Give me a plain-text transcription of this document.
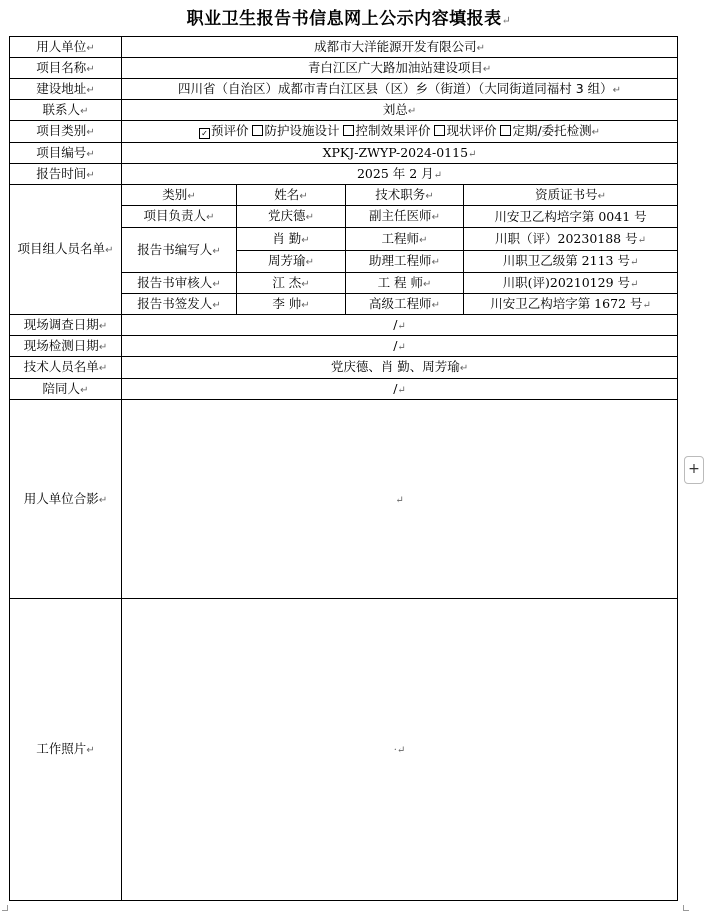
职业卫生报告书信息网上公示内容填报表↵
用人单位↵	成都市大洋能源开发有限公司↵			
项目名称↵	青白江区广大路加油站建设项目↵			
建设地址↵	四川省（自治区）成都市青白江区县（区）乡（街道）（大同街道同福村 3 组）↵			
联系人↵	刘总↵			
项目类别↵	✓ 预评价 防护设施设计 控制效果评价 现状评价 定期/委托检测↵			
项目编号↵	XPKJ-ZWYP-2024-0115↵			
报告时间↵	2025 年 2 月↵			
项目组人员名单↵	类别↵	姓名↵	技术职务↵	资质证书号↵
	项目负责人↵	党庆德↵	副主任医师↵	川安卫乙构培字第 0041 号
	报告书编写人↵	肖 勤↵	工程师↵	川职（评）20230188 号↵
		周芳瑜↵	助理工程师↵	川职卫乙级第 2113 号↵
	报告书审核人↵	江 杰↵	工 程 师↵	川职(评)20210129 号↵
	报告书签发人↵	李 帅↵	高级工程师↵	川安卫乙构培字第 1672 号↵
现场调查日期↵	/↵			
现场检测日期↵	/↵			
技术人员名单↵	党庆德、肖 勤、周芳瑜↵			
陪同人↵	/↵			
用人单位合影↵	↵			
工作照片↵	·↵			
+
